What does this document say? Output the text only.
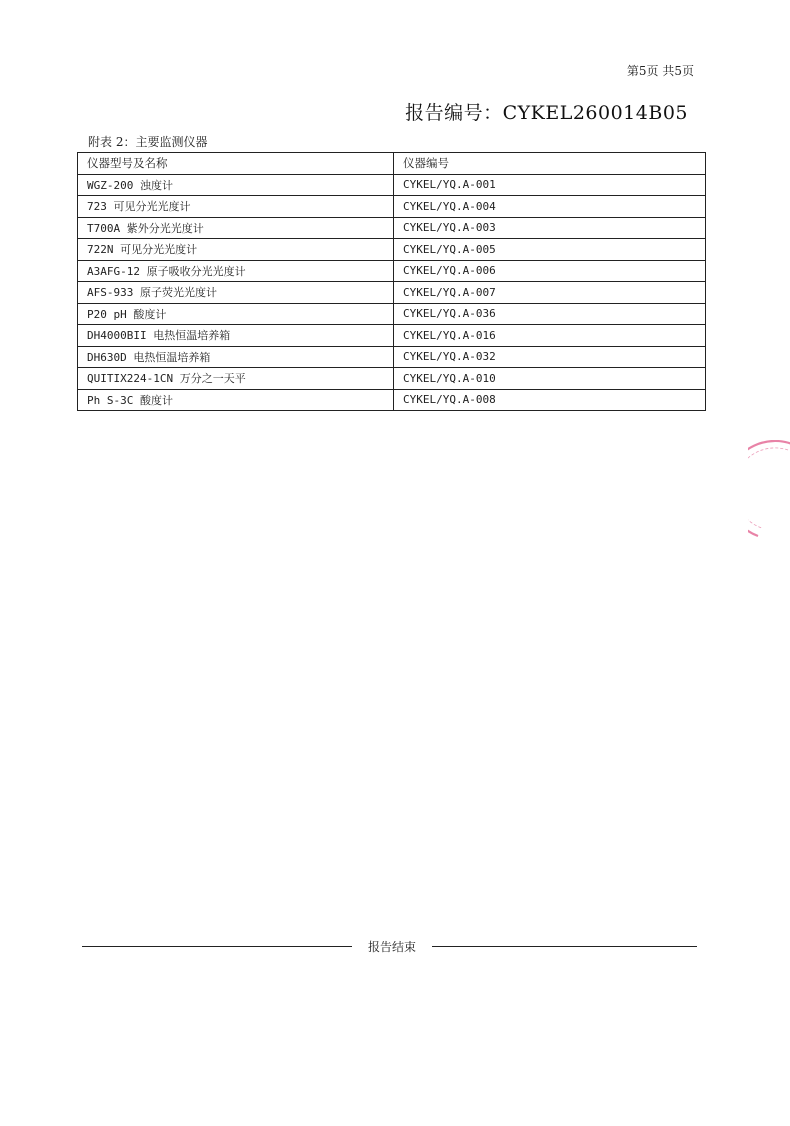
第5页 共5页
报告编号：CYKEL260014B05
附表 2：主要监测仪器
仪器型号及名称	仪器编号
WGZ-200 浊度计	CYKEL/YQ.A-001
723 可见分光光度计	CYKEL/YQ.A-004
T700A 紫外分光光度计	CYKEL/YQ.A-003
722N 可见分光光度计	CYKEL/YQ.A-005
A3AFG-12 原子吸收分光光度计	CYKEL/YQ.A-006
AFS-933 原子荧光光度计	CYKEL/YQ.A-007
P20 pH 酸度计	CYKEL/YQ.A-036
DH4000BII 电热恒温培养箱	CYKEL/YQ.A-016
DH630D 电热恒温培养箱	CYKEL/YQ.A-032
QUITIX224-1CN 万分之一天平	CYKEL/YQ.A-010
Ph S-3C 酸度计	CYKEL/YQ.A-008
报告结束
